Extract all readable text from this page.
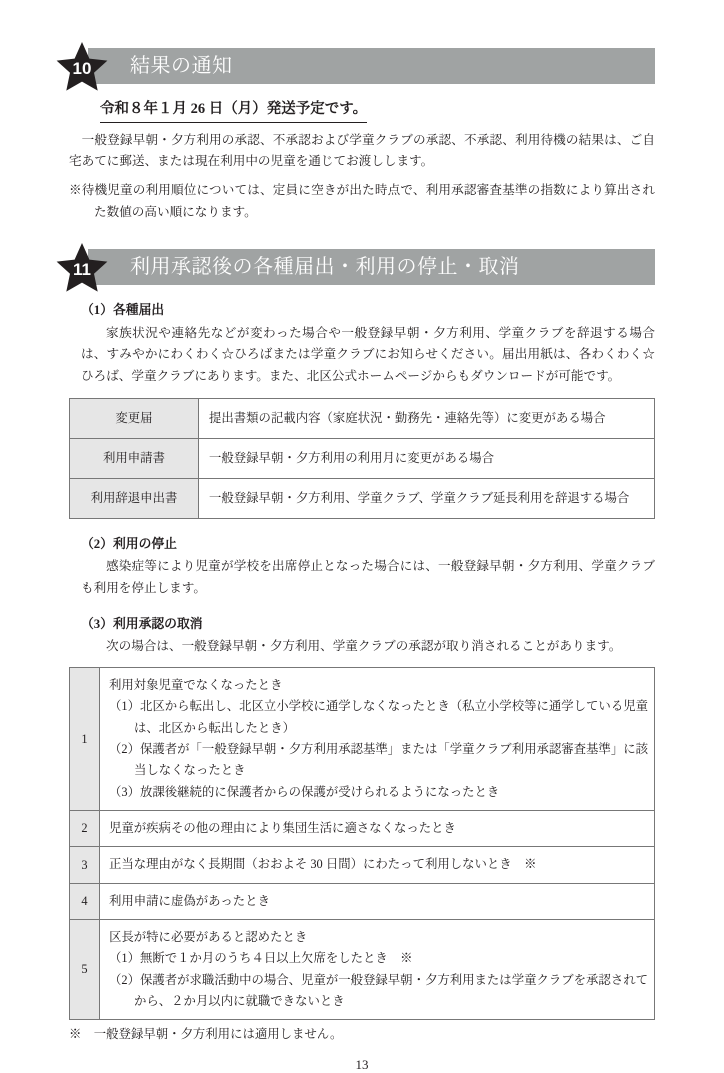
10	結果の通知
令和８年１月 26 日（月）発送予定です。

一般登録早朝・夕方利用の承認、不承認および学童クラブの承認、不承認、利用待機の結果は、ご自宅あてに郵送、または現在利用中の児童を通じてお渡しします。

※待機児童の利用順位については、定員に空きが出た時点で、利用承認審査基準の指数により算出された数値の高い順になります。

11	利用承認後の各種届出・利用の停止・取消
（1）各種届出

家族状況や連絡先などが変わった場合や一般登録早朝・夕方利用、学童クラブを辞退する場合は、すみやかにわくわく☆ひろばまたは学童クラブにお知らせください。届出用紙は、各わくわく☆ひろば、学童クラブにあります。また、北区公式ホームページからもダウンロードが可能です。

変更届	提出書類の記載内容（家庭状況・勤務先・連絡先等）に変更がある場合
利用申請書	一般登録早朝・夕方利用の利用月に変更がある場合
利用辞退申出書	一般登録早朝・夕方利用、学童クラブ、学童クラブ延長利用を辞退する場合
（2）利用の停止

感染症等により児童が学校を出席停止となった場合には、一般登録早朝・夕方利用、学童クラブも利用を停止します。

（3）利用承認の取消

次の場合は、一般登録早朝・夕方利用、学童クラブの承認が取り消されることがあります。

1	利用対象児童でなくなったとき
（1）北区から転出し、北区立小学校に通学しなくなったとき（私立小学校等に通学している児童は、北区から転出したとき）
（2）保護者が「一般登録早朝・夕方利用承認基準」または「学童クラブ利用承認審査基準」に該当しなくなったとき
（3）放課後継続的に保護者からの保護が受けられるようになったとき

2	児童が疾病その他の理由により集団生活に適さなくなったとき

3	正当な理由がなく長期間（おおよそ 30 日間）にわたって利用しないとき　※

4	利用申請に虚偽があったとき

5	区長が特に必要があると認めたとき
（1）無断で１か月のうち４日以上欠席をしたとき　※
（2）保護者が求職活動中の場合、児童が一般登録早朝・夕方利用または学童クラブを承認されてから、２か月以内に就職できないとき

※　一般登録早朝・夕方利用には適用しません。

13
